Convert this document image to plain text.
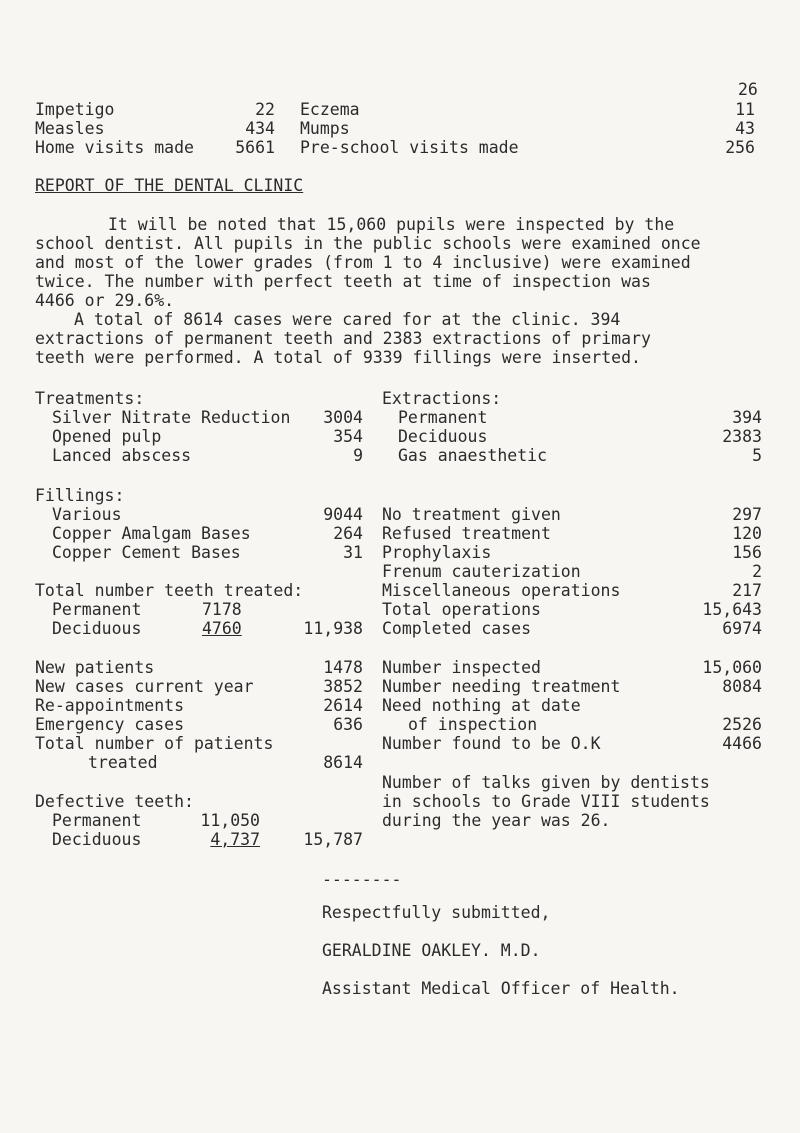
26
Impetigo	22 Eczema	11
Measles	434 Mumps	43
Home visits made	5661 Pre-school visits made	256
REPORT OF THE DENTAL CLINIC
It will be noted that 15,060 pupils were inspected by the
school dentist. All pupils in the public schools were examined once
and most of the lower grades (from 1 to 4 inclusive) were examined
twice. The number with perfect teeth at time of inspection was
4466 or 29.6%.
A total of 8614 cases were cared for at the clinic. 394
extractions of permanent teeth and 2383 extractions of primary
teeth were performed. A total of 9339 fillings were inserted.
Treatments:
Silver Nitrate Reduction 3004
Opened pulp	354
Lanced abscess	9
Extractions:
Permanent	394
Deciduous	2383
Gas anaesthetic	5
Fillings:
Various	9044
Copper Amalgam Bases	264
Copper Cement Bases	31
No treatment given	297
Refused treatment	120
Prophylaxis	156
Frenum cauterization	2
Miscellaneous operations	217
Total operations	15,643
Completed cases	6974
Total number teeth treated:
Permanent	7178
Deciduous	4760	11,938
New patients	1478
New cases current year	3852
Re-appointments	2614
Emergency cases	636
Total number of patients
treated	8614
Number inspected	15,060
Number needing treatment	8084
Need nothing at date
of inspection	2526
Number found to be O.K	4466
Number of talks given by dentists
in schools to Grade VIII students
during the year was 26.
Defective teeth:
Permanent	11,050
Deciduous	4,737	15,787
--------
Respectfully submitted,
GERALDINE OAKLEY. M.D.
Assistant Medical Officer of Health.
